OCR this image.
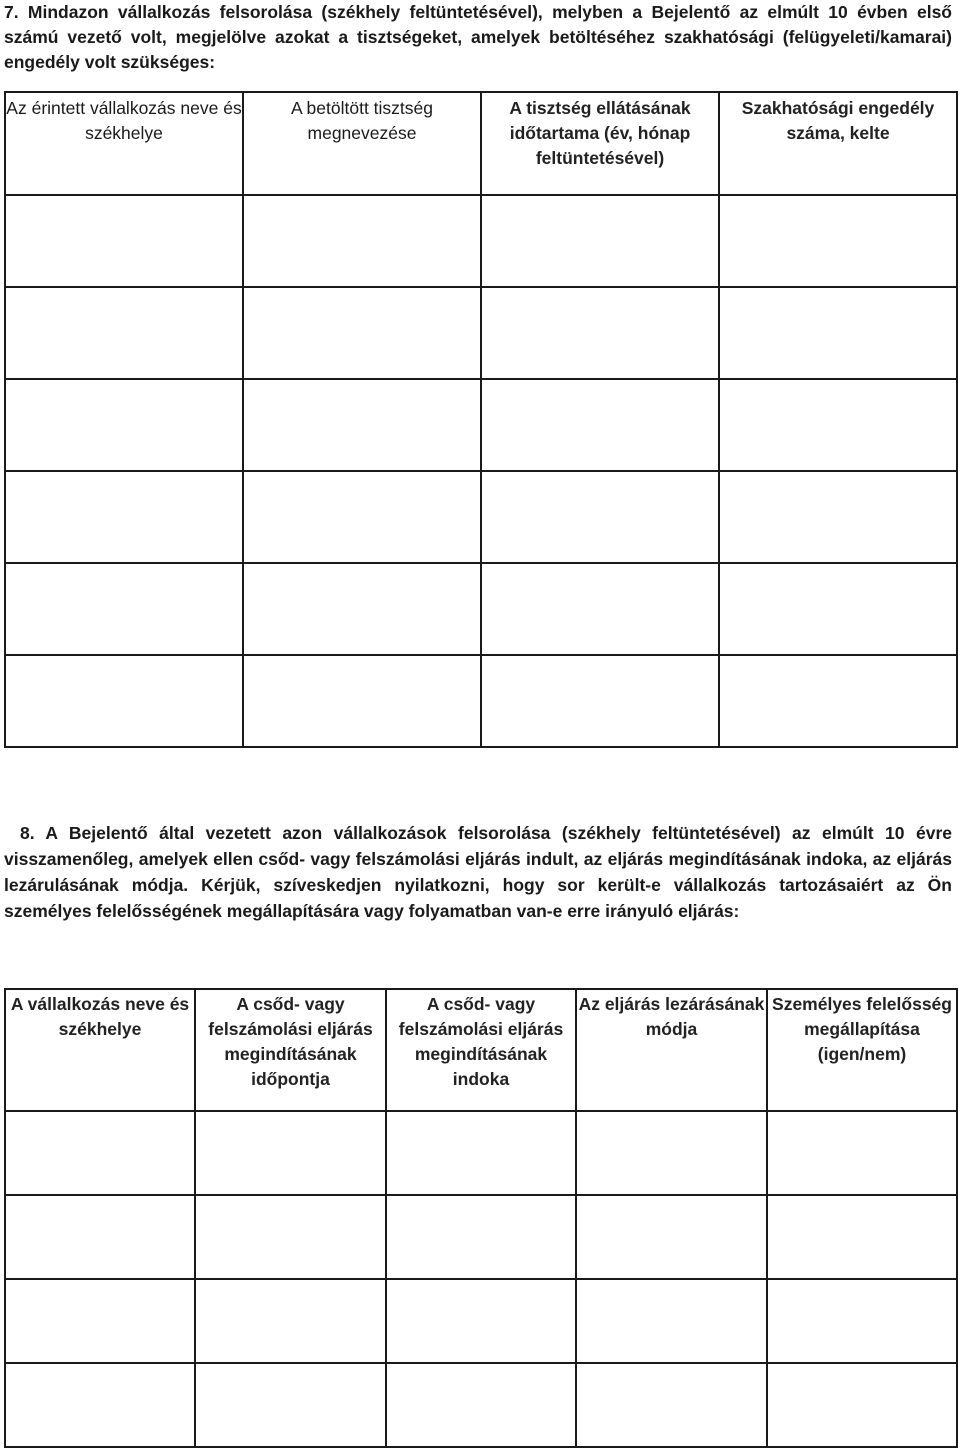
7. Mindazon vállalkozás felsorolása (székhely feltüntetésével), melyben a Bejelentő az elmúlt 10 évben első számú vezető volt, megjelölve azokat a tisztségeket, amelyek betöltéséhez szakhatósági (felügyeleti/kamarai) engedély volt szükséges:
Az érintett vállalkozás neve és székhelye	A betöltött tisztség megnevezése	A tisztség ellátásának időtartama (év, hónap feltüntetésével)	Szakhatósági engedély száma, kelte

8. A Bejelentő által vezetett azon vállalkozások felsorolása (székhely feltüntetésével) az elmúlt 10 évre visszamenőleg, amelyek ellen csőd- vagy felszámolási eljárás indult, az eljárás megindításának indoka, az eljárás lezárulásának módja. Kérjük, szíveskedjen nyilatkozni, hogy sor került-e vállalkozás tartozásaiért az Ön személyes felelősségének megállapítására vagy folyamatban van-e erre irányuló eljárás:
A vállalkozás neve és székhelye	A csőd- vagy felszámolási eljárás megindításának időpontja	A csőd- vagy felszámolási eljárás megindításának indoka	Az eljárás lezárásának módja	Személyes felelősség megállapítása (igen/nem)
